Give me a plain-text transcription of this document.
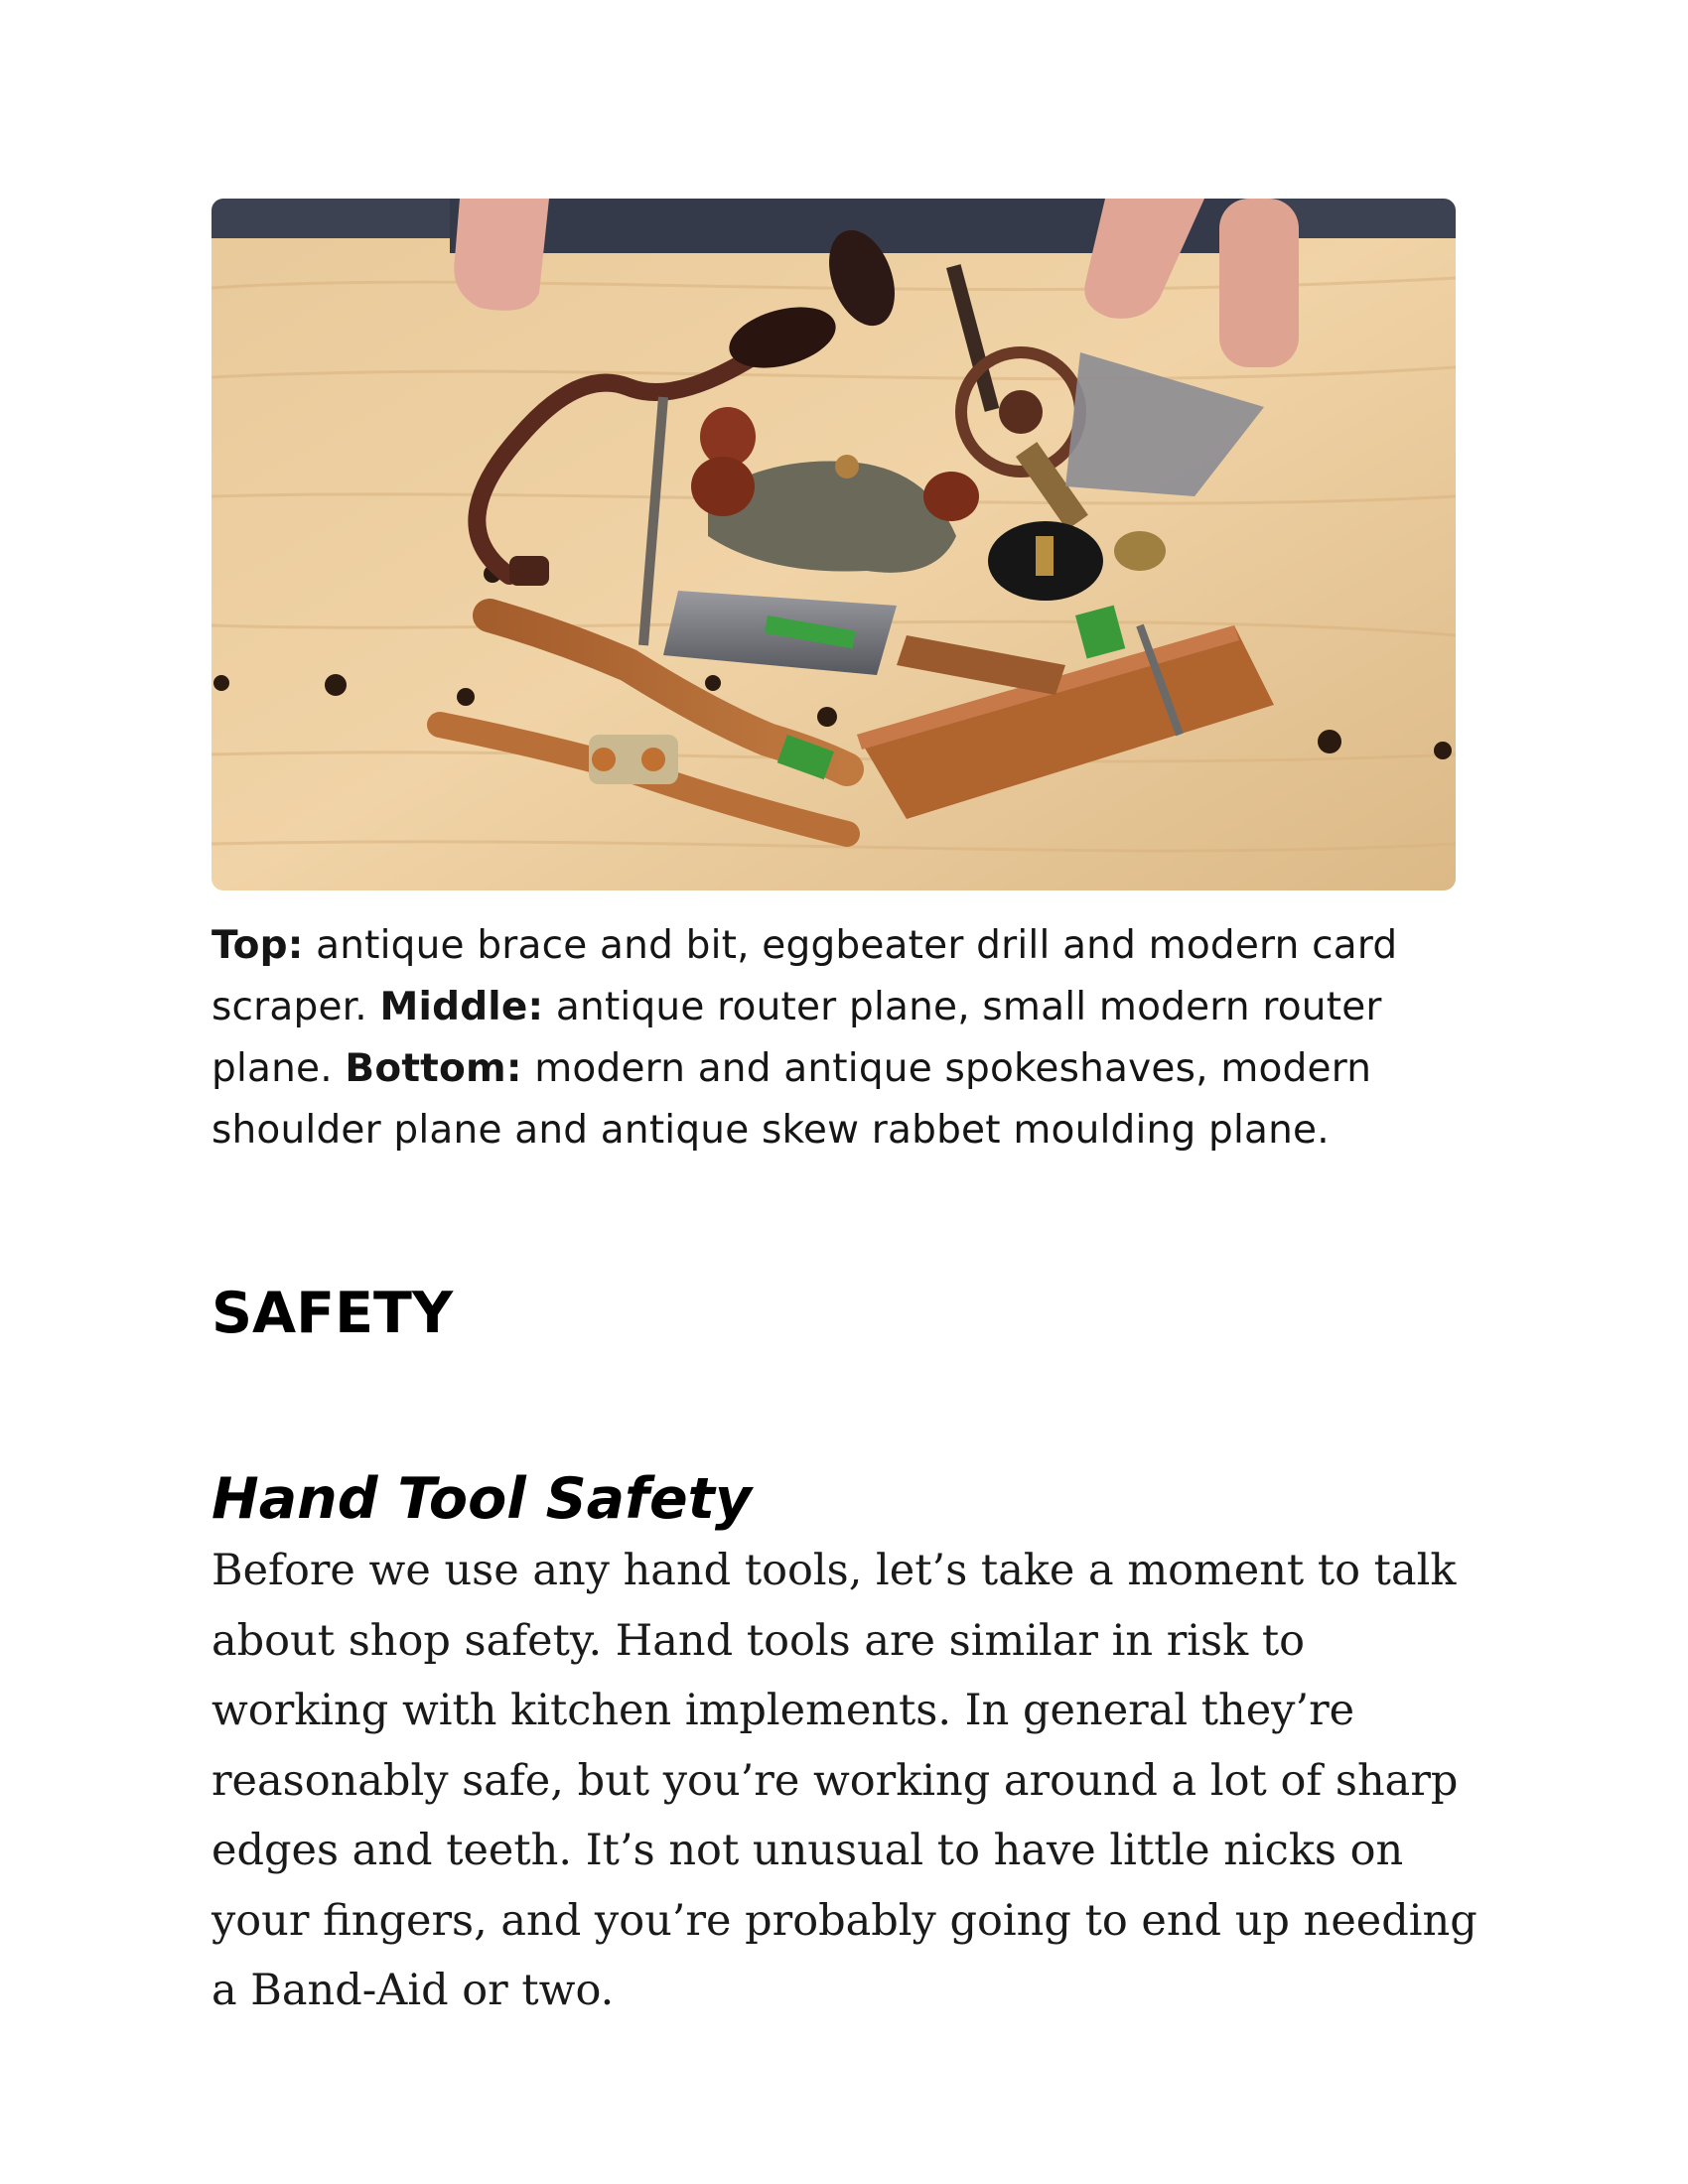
Top: antique brace and bit, eggbeater drill and modern card scraper. Middle: antique router plane, small modern router plane. Bottom: modern and antique spokeshaves, modern shoulder plane and antique skew rabbet moulding plane.
SAFETY
Hand Tool Safety

Before we use any hand tools, let’s take a moment to talk about shop safety. Hand tools are similar in risk to working with kitchen implements. In general they’re reasonably safe, but you’re working around a lot of sharp edges and teeth. It’s not unusual to have little nicks on your fingers, and you’re probably going to end up needing a Band-Aid or two.
